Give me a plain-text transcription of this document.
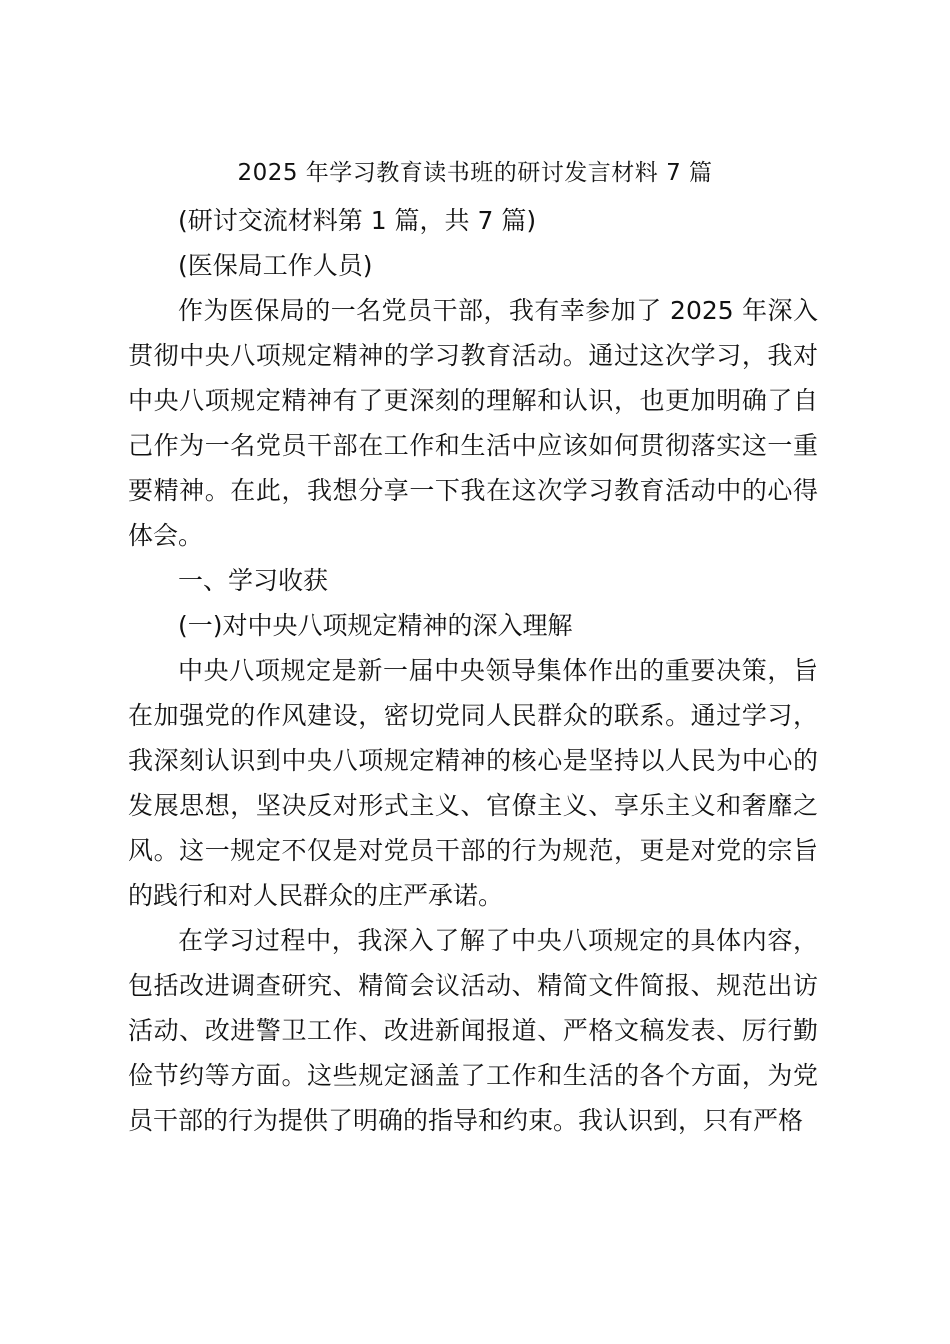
2025 年学习教育读书班的研讨发言材料 7 篇

(研讨交流材料第 1 篇，共 7 篇)

(医保局工作人员)

作为医保局的一名党员干部，我有幸参加了 2025 年深入贯彻中央八项规定精神的学习教育活动。通过这次学习，我对中央八项规定精神有了更深刻的理解和认识，也更加明确了自己作为一名党员干部在工作和生活中应该如何贯彻落实这一重要精神。在此，我想分享一下我在这次学习教育活动中的心得体会。

一、学习收获

(一)对中央八项规定精神的深入理解

中央八项规定是新一届中央领导集体作出的重要决策，旨在加强党的作风建设，密切党同人民群众的联系。通过学习，我深刻认识到中央八项规定精神的核心是坚持以人民为中心的发展思想，坚决反对形式主义、官僚主义、享乐主义和奢靡之风。这一规定不仅是对党员干部的行为规范，更是对党的宗旨的践行和对人民群众的庄严承诺。

在学习过程中，我深入了解了中央八项规定的具体内容，包括改进调查研究、精简会议活动、精简文件简报、规范出访活动、改进警卫工作、改进新闻报道、严格文稿发表、厉行勤俭节约等方面。这些规定涵盖了工作和生活的各个方面，为党员干部的行为提供了明确的指导和约束。我认识到，只有严格
